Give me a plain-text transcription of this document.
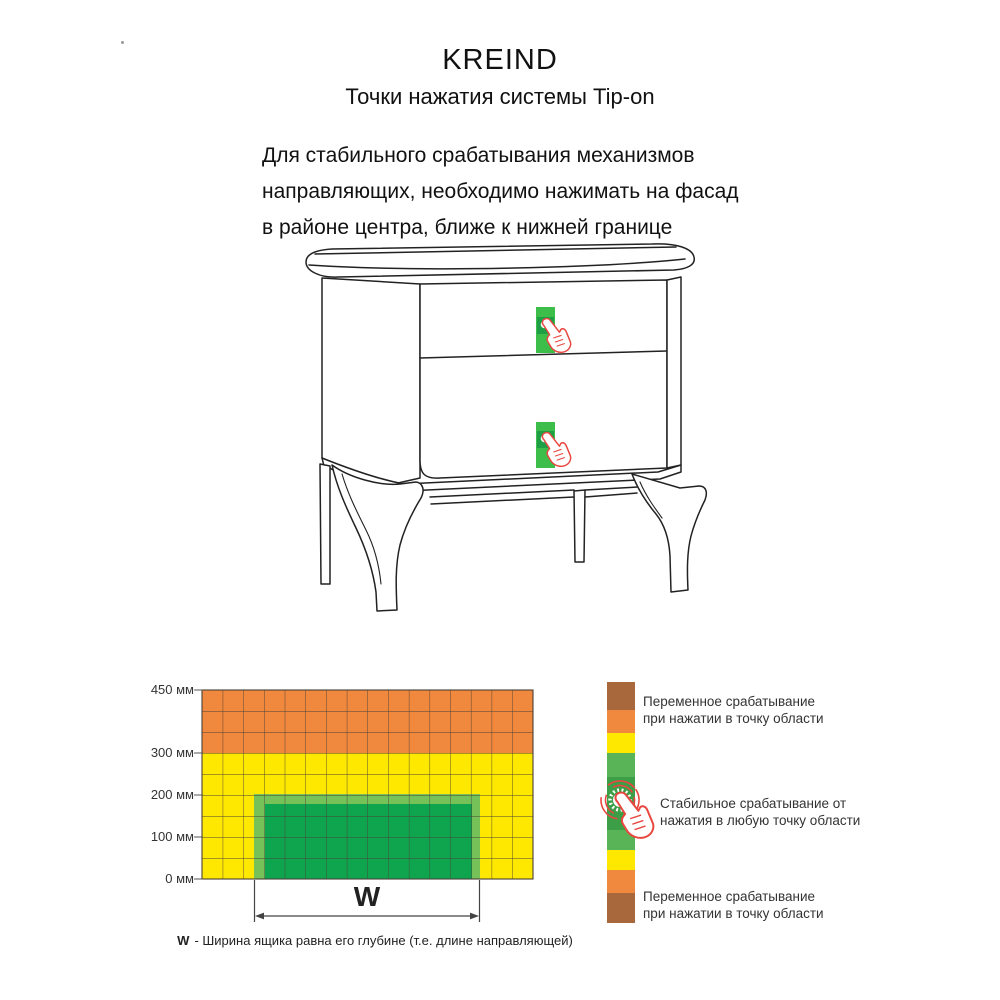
KREIND
Точки нажатия системы Tip-on
Для стабильного срабатывания механизмов
направляющих, необходимо нажимать на фасад
в районе центра, ближе к нижней границе
450 мм
300 мм
200 мм
100 мм
0 мм
W
W - Ширина ящика равна его глубине (т.е. длине направляющей)
Переменное срабатывание
при нажатии в точку области
Стабильное срабатывание от
нажатия в любую точку области
Переменное срабатывание
при нажатии в точку области
